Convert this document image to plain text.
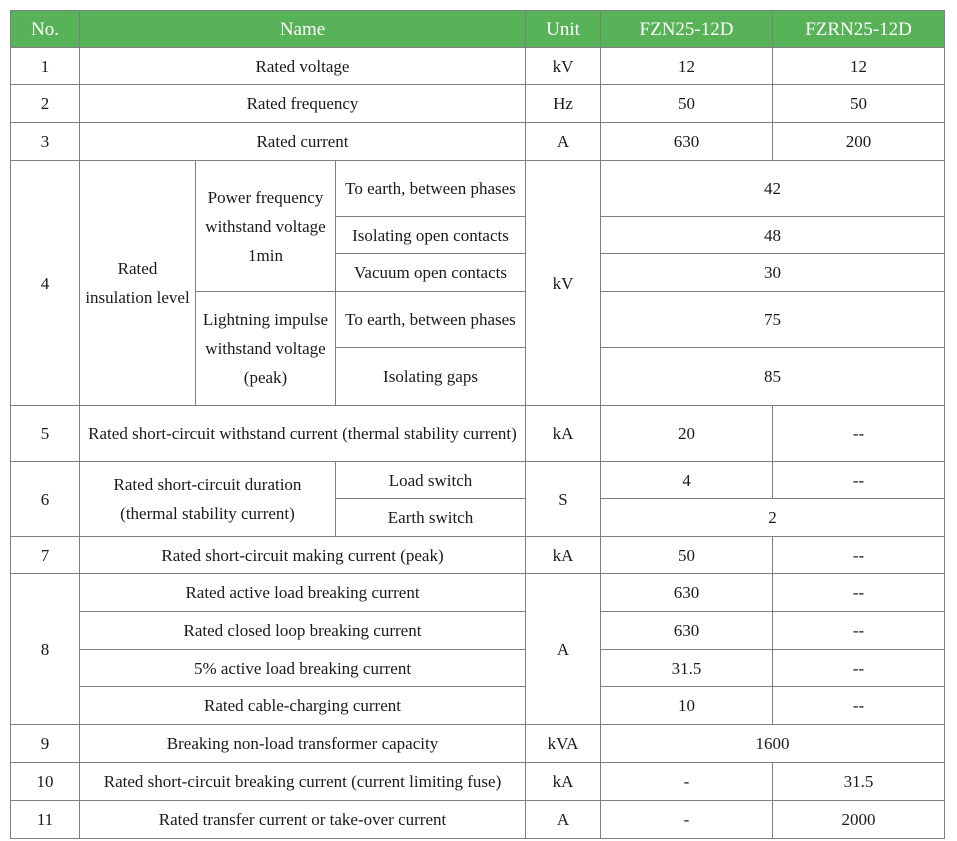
No.	Name			Unit	FZN25-12D	FZRN25-12D
1	Rated voltage			kV	12	12
2	Rated frequency			Hz	50	50
3	Rated current			A	630	200
4	Rated insulation level	Power frequency withstand voltage 1min	To earth, between phases	kV	42	
			Isolating open contacts		48	
			Vacuum open contacts		30	
		Lightning impulse withstand voltage (peak)	To earth, between phases		75	
			Isolating gaps		85	
5	Rated short-circuit withstand current (thermal stability current)			kA	20	--
6	Rated short-circuit duration (thermal stability current)		Load switch	S	4	--
			Earth switch		2	
7	Rated short-circuit making current (peak)			kA	50	--
8	Rated active load breaking current			A	630	--
	Rated closed loop breaking current				630	--
	5% active load breaking current				31.5	--
	Rated cable-charging current				10	--
9	Breaking non-load transformer capacity			kVA	1600	
10	Rated short-circuit breaking current (current limiting fuse)			kA	-	31.5
11	Rated transfer current or take-over current			A	-	2000
